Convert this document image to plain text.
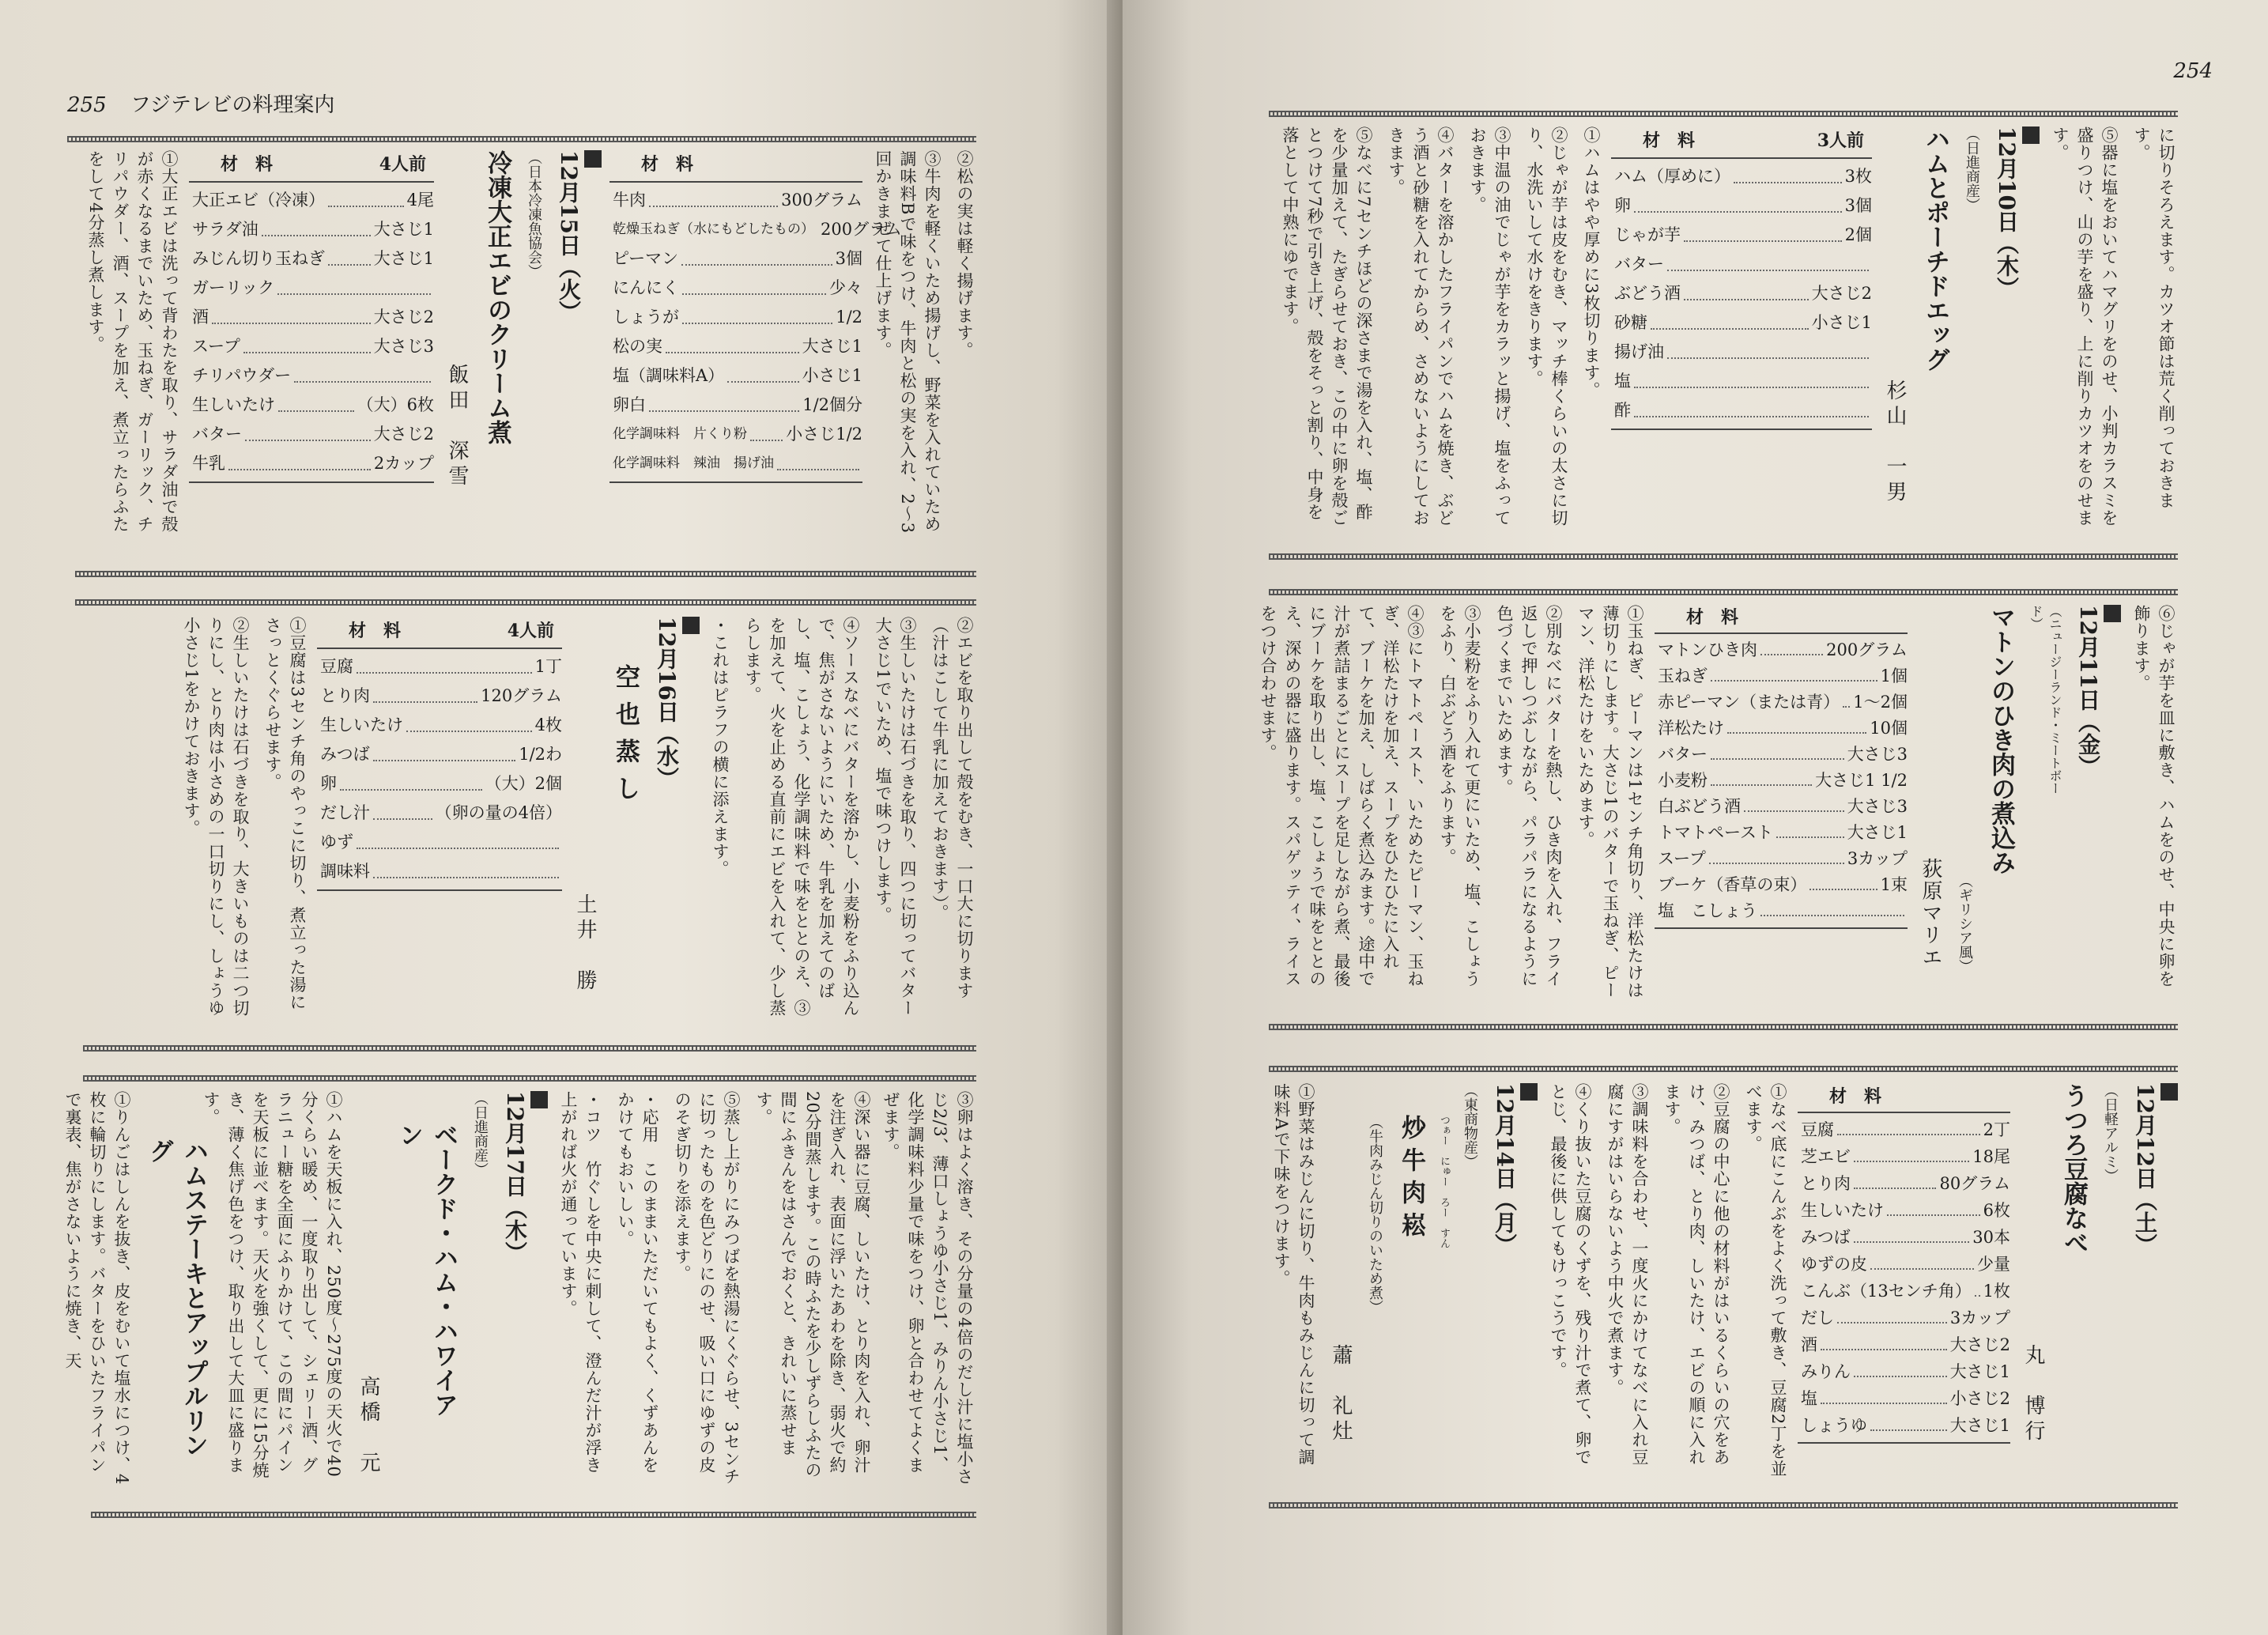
255 フジテレビの料理案内
②松の実は軽く揚げます。
③牛肉を軽くいため揚げし、野菜を入れていため調味料Bで味をつけ、牛肉と松の実を入れ、2～3回かきまぜて仕上げます。
材　料
牛肉	300グラム
乾燥玉ねぎ（水にもどしたもの） 200グラム
ピーマン	3個
にんにく	少々
しょうが	1/2
松の実	大さじ1
塩（調味料A）	小さじ1
卵白	1/2個分
化学調味料　片くり粉 小さじ1/2
化学調味料　辣油　揚げ油
12月15日（火）
（日本冷凍魚協会）
冷凍大正エビのクリーム煮
飯田　深雪
材　料	4人前
大正エビ（冷凍）	4尾
サラダ油	大さじ1
みじん切り玉ねぎ	大さじ1
ガーリック
酒	大さじ2
スープ	大さじ3
チリパウダー
生しいたけ	（大）6枚
バター	大さじ2
牛乳	2カップ
①大正エビは洗って背わたを取り、サラダ油で殻が赤くなるまでいため、玉ねぎ、ガーリック、チリパウダー、酒、スープを加え、煮立ったらふたをして4分蒸し煮します。
②エビを取り出して殻をむき、一口大に切ります（汁はこして牛乳に加えておきます）。
③生しいたけは石づきを取り、四つに切ってバター大さじ1でいため、塩で味つけします。
④ソースなべにバターを溶かし、小麦粉をふり込んで、焦がさないようにいため、牛乳を加えてのばし、塩、こしょう、化学調味料で味をととのえ、③を加えて、火を止める直前にエビを入れて、少し蒸らします。
・これはピラフの横に添えます。
12月16日（水）
空也蒸し
土井　勝
材　料	4人前
豆腐	1丁
とり肉	120グラム
生しいたけ	4枚
みつば	1/2わ
卵	（大）2個
だし汁	（卵の量の4倍）
ゆず
調味料
①豆腐は3センチ角のやっこに切り、煮立った湯にさっとくぐらせます。
②生しいたけは石づきを取り、大きいものは二つ切りにし、とり肉は小さめの一口切りにし、しょうゆ小さじ1をかけておきます。
③卵はよく溶き、その分量の4倍のだし汁に塩小さじ2/3、薄口しょうゆ小さじ1、みりん小さじ1、化学調味料少量で味をつけ、卵と合わせてよくまぜます。
④深い器に豆腐、しいたけ、とり肉を入れ、卵汁を注ぎ入れ、表面に浮いたあわを除き、弱火で約20分間蒸します。この時ふたを少しずらしふたの間にふきんをはさんでおくと、きれいに蒸せます。
⑤蒸し上がりにみつばを熱湯にくぐらせ、3センチに切ったものを色どりにのせ、吸い口にゆずの皮のそぎ切りを添えます。
・応用　このままいただいてもよく、くずあんをかけてもおいしい。
・コツ　竹ぐしを中央に刺して、澄んだ汁が浮き上がれば火が通っています。
12月17日（木）
（日進商産）
ベークド・ハム・ハワイアン
高橋　元
①ハムを天板に入れ、250度～275度の天火で40分くらい暖め、一度取り出して、シェリー酒、グラニュー糖を全面にふりかけて、この間にパインを天板に並べます。天火を強くして、更に15分焼き、薄く焦げ色をつけ、取り出して大皿に盛ります。
ハムステーキとアップルリング
①りんごはしんを抜き、皮をむいて塩水につけ、4枚に輪切りにします。バターをひいたフライパンで裏表、焦がさないように焼き、天
254
に切りそろえます。カツオ節は荒く削っておきます。
⑤器に塩をおいてハマグリをのせ、小判カラスミを盛りつけ、山の芋を盛り、上に削りカツオをのせます。
12月10日（木）
（日進商産）
ハムとポーチドエッグ
杉山　一男
材　料	3人前
ハム（厚めに）	3枚
卵	3個
じゃが芋	2個
バター
ぶどう酒	大さじ2
砂糖	小さじ1
揚げ油
塩
酢
①ハムはやや厚めに3枚切ります。
②じゃが芋は皮をむき、マッチ棒くらいの太さに切り、水洗いして水けをきります。
③中温の油でじゃが芋をカラッと揚げ、塩をふっておきます。
④バターを溶かしたフライパンでハムを焼き、ぶどう酒と砂糖を入れてからめ、さめないようにしておきます。
⑤なべに7センチほどの深さまで湯を入れ、塩、酢を少量加えて、たぎらせておき、この中に卵を殻ごとつけて7秒で引き上げ、殻をそっと割り、中身を落として中熟にゆでます。
⑥じゃが芋を皿に敷き、ハムをのせ、中央に卵を飾ります。
12月11日（金）
（ニュージーランド・ミートボード）
マトンのひき肉の煮込み
（ギリシア風）
荻原マリエ
材　料
マトンひき肉	200グラム
玉ねぎ	1個
赤ピーマン（または青） 1～2個
洋松たけ	10個
バター	大さじ3
小麦粉	大さじ1 1/2
白ぶどう酒	大さじ3
トマトペースト	大さじ1
スープ	3カップ
ブーケ（香草の束）	1束
塩　こしょう
①玉ねぎ、ピーマンは1センチ角切り、洋松たけは薄切りにします。大さじ1のバターで玉ねぎ、ピーマン、洋松たけをいためます。
②別なべにバターを熱し、ひき肉を入れ、フライ返しで押しつぶしながら、パラパラになるように色づくまでいためます。
③小麦粉をふり入れて更にいため、塩、こしょうをふり、白ぶどう酒をふります。
④③にトマトペースト、いためたピーマン、玉ねぎ、洋松たけを加え、スープをひたひたに入れて、ブーケを加え、しばらく煮込みます。途中で汁が煮詰まるごとにスープを足しながら煮、最後にブーケを取り出し、塩、こしょうで味をととのえ、深めの器に盛ります。スパゲッティ、ライスをつけ合わせます。
12月12日（土）
（日軽アルミ）
うつろ豆腐なべ
丸　博行
材　料
豆腐	2丁
芝エビ	18尾
とり肉	80グラム
生しいたけ	6枚
みつば	30本
ゆずの皮	少量
こんぶ（13センチ角） 1枚
だし	3カップ
酒	大さじ2
みりん	大さじ1
塩	小さじ2
しょうゆ	大さじ1
①なべ底にこんぶをよく洗って敷き、豆腐2丁を並べます。
②豆腐の中心に他の材料がはいるくらいの穴をあけ、みつば、とり肉、しいたけ、エビの順に入れます。
③調味料を合わせ、一度火にかけてなべに入れ豆腐にすがはいらないよう中火で煮ます。
④くり抜いた豆腐のくずを、残り汁で煮て、卵でとじ、最後に供してもけっこうです。
12月14日（月）
（東商物産）
つぁー　にゅー　ろー　すん
炒牛肉崧
（牛肉みじん切りのいため煮）
蕭　礼灶
①野菜はみじんに切り、牛肉もみじんに切って調味料Aで下味をつけます。
